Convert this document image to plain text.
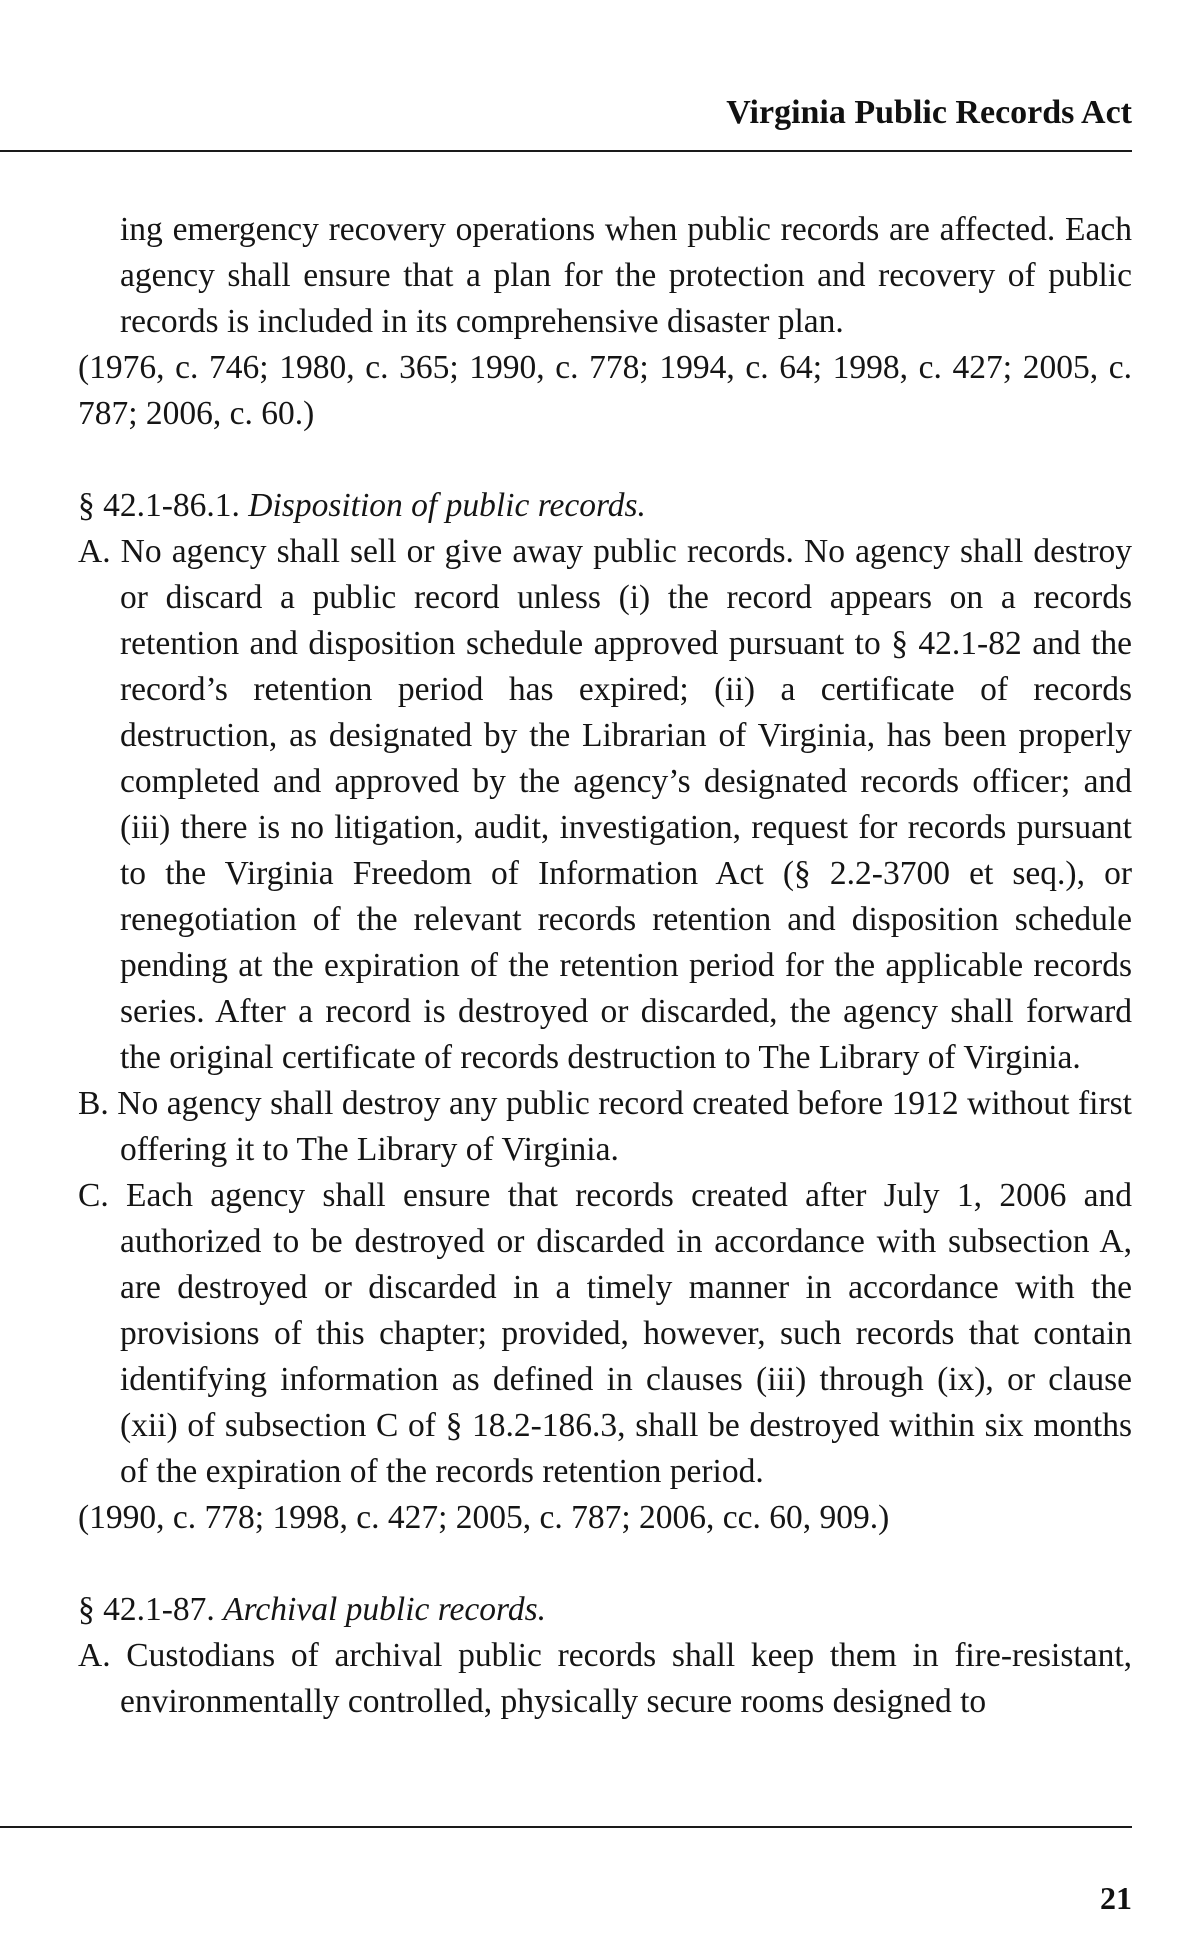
Virginia Public Records Act

ing emergency recovery operations when public records are affected. Each agency shall ensure that a plan for the protection and recovery of public records is included in its comprehensive disaster plan.

(1976, c. 746; 1980, c. 365; 1990, c. 778; 1994, c. 64; 1998, c. 427; 2005, c. 787; 2006, c. 60.)

§ 42.1-86.1. Disposition of public records.

A. No agency shall sell or give away public records. No agency shall destroy or discard a public record unless (i) the record appears on a records retention and disposition schedule approved pursuant to § 42.1-82 and the record’s retention period has expired; (ii) a certificate of records destruction, as designated by the Librarian of Virginia, has been properly completed and approved by the agency’s designated records officer; and (iii) there is no litigation, audit, investigation, request for records pursuant to the Virginia Freedom of Information Act (§ 2.2-3700 et seq.), or renegotiation of the relevant records retention and disposition schedule pending at the expiration of the retention period for the applicable records series. After a record is destroyed or discarded, the agency shall forward the original certificate of records destruction to The Library of Virginia.

B. No agency shall destroy any public record created before 1912 without first offering it to The Library of Virginia.

C. Each agency shall ensure that records created after July 1, 2006 and authorized to be destroyed or discarded in accordance with subsection A, are destroyed or discarded in a timely manner in accordance with the provisions of this chapter; provided, however, such records that contain identifying information as defined in clauses (iii) through (ix), or clause (xii) of subsection C of § 18.2-186.3, shall be destroyed within six months of the expiration of the records retention period.

(1990, c. 778; 1998, c. 427; 2005, c. 787; 2006, cc. 60, 909.)

§ 42.1-87. Archival public records.

A. Custodians of archival public records shall keep them in fire-resistant, environmentally controlled, physically secure rooms designed to

21
